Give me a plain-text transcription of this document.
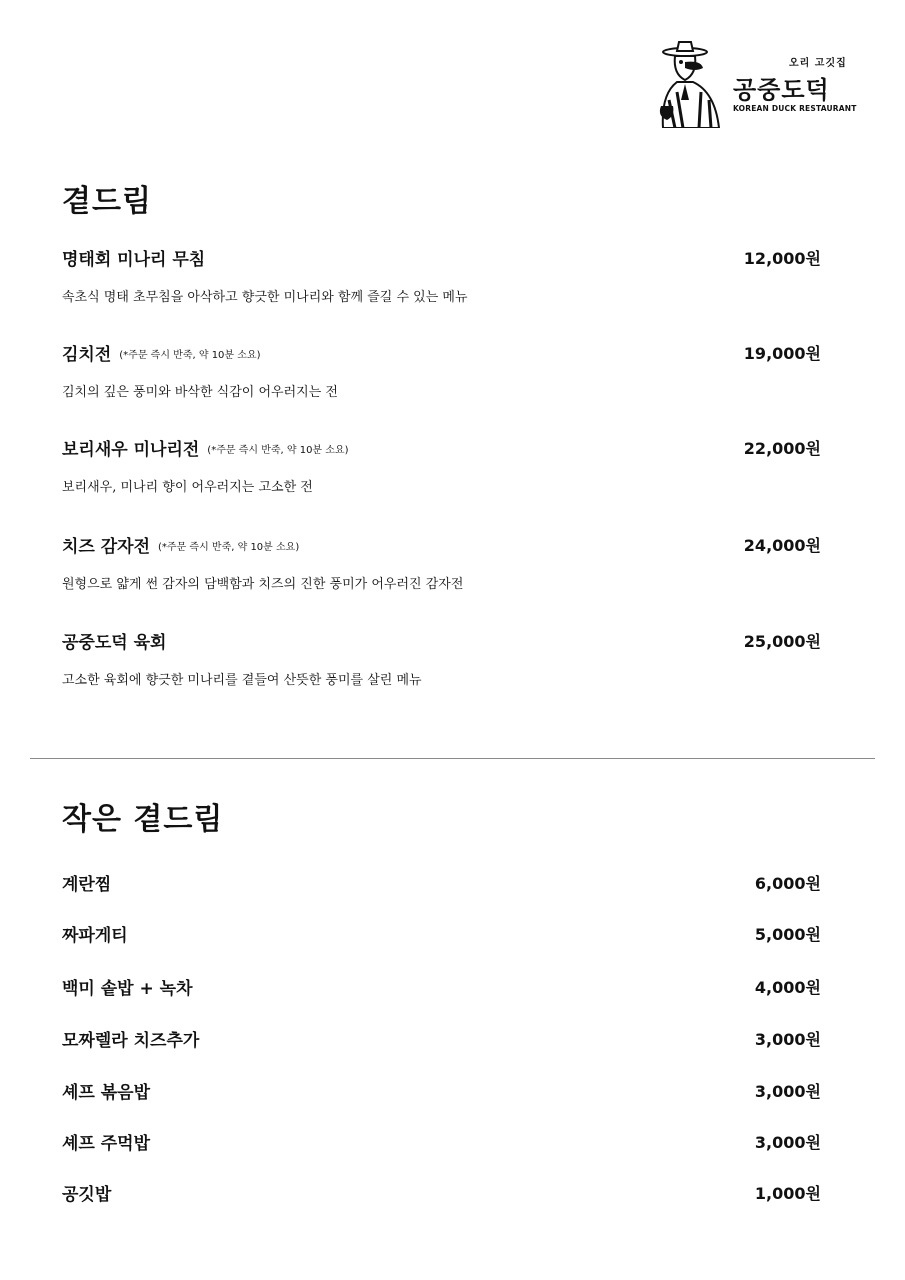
오리 고깃집
공중도덕
KOREAN DUCK RESTAURANT
곁드림
명태회 미나리 무침	12,000원
속초식 명태 초무침을 아삭하고 향긋한 미나리와 함께 즐길 수 있는 메뉴
김치전 (*주문 즉시 반죽, 약 10분 소요)	19,000원
김치의 깊은 풍미와 바삭한 식감이 어우러지는 전
보리새우 미나리전 (*주문 즉시 반죽, 약 10분 소요)	22,000원
보리새우, 미나리 향이 어우러지는 고소한 전
치즈 감자전 (*주문 즉시 반죽, 약 10분 소요)	24,000원
원형으로 얇게 썬 감자의 담백함과 치즈의 진한 풍미가 어우러진 감자전
공중도덕 육회	25,000원
고소한 육회에 향긋한 미나리를 곁들여 산뜻한 풍미를 살린 메뉴
작은 곁드림
계란찜	6,000원
짜파게티	5,000원
백미 솥밥 + 녹차	4,000원
모짜렐라 치즈추가	3,000원
셰프 볶음밥	3,000원
셰프 주먹밥	3,000원
공깃밥	1,000원
